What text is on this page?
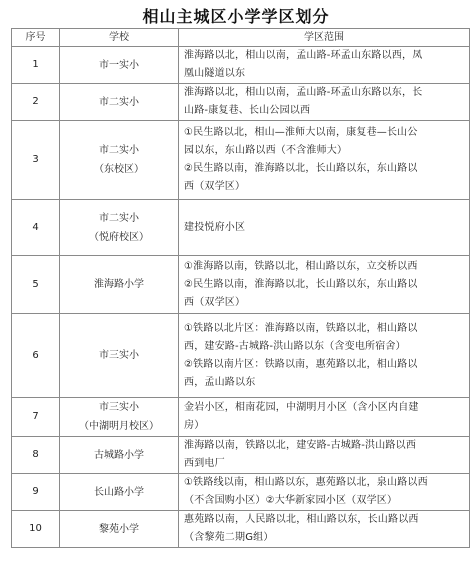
相山主城区小学学区划分
序号	学校	学区范围
1	市一实小	淮海路以北，相山以南，孟山路-环孟山东路以西，凤
凰山隧道以东

2	市二实小	淮海路以北，相山以南，孟山路-环孟山东路以东，长
山路-康复巷、长山公园以西

3	市二实小
（东校区）	①民生路以北，相山—淮师大以南，康复巷—长山公
园以东，东山路以西（不含淮师大）
②民生路以南，淮海路以北，长山路以东，东山路以
西（双学区）

4	市二实小
（悦府校区）	建投悦府小区

5	淮海路小学	①淮海路以南，铁路以北，相山路以东，立交桥以西
②民生路以南，淮海路以北，长山路以东，东山路以
西（双学区）

6	市三实小	①铁路以北片区：淮海路以南，铁路以北，相山路以
西，建安路-古城路-洪山路以东（含变电所宿舍）
②铁路以南片区：铁路以南，惠苑路以北，相山路以
西，孟山路以东

7	市三实小
（中湖明月校区）	金岩小区，相南花园，中湖明月小区（含小区内自建
房）

8	古城路小学	淮海路以南，铁路以北，建安路-古城路-洪山路以西
西到电厂

9	长山路小学	①铁路线以南，相山路以东，惠苑路以北，泉山路以西
（不含国购小区）②大华新家园小区（双学区）

10	黎苑小学	惠苑路以南，人民路以北，相山路以东，长山路以西
（含黎苑二期G组）
